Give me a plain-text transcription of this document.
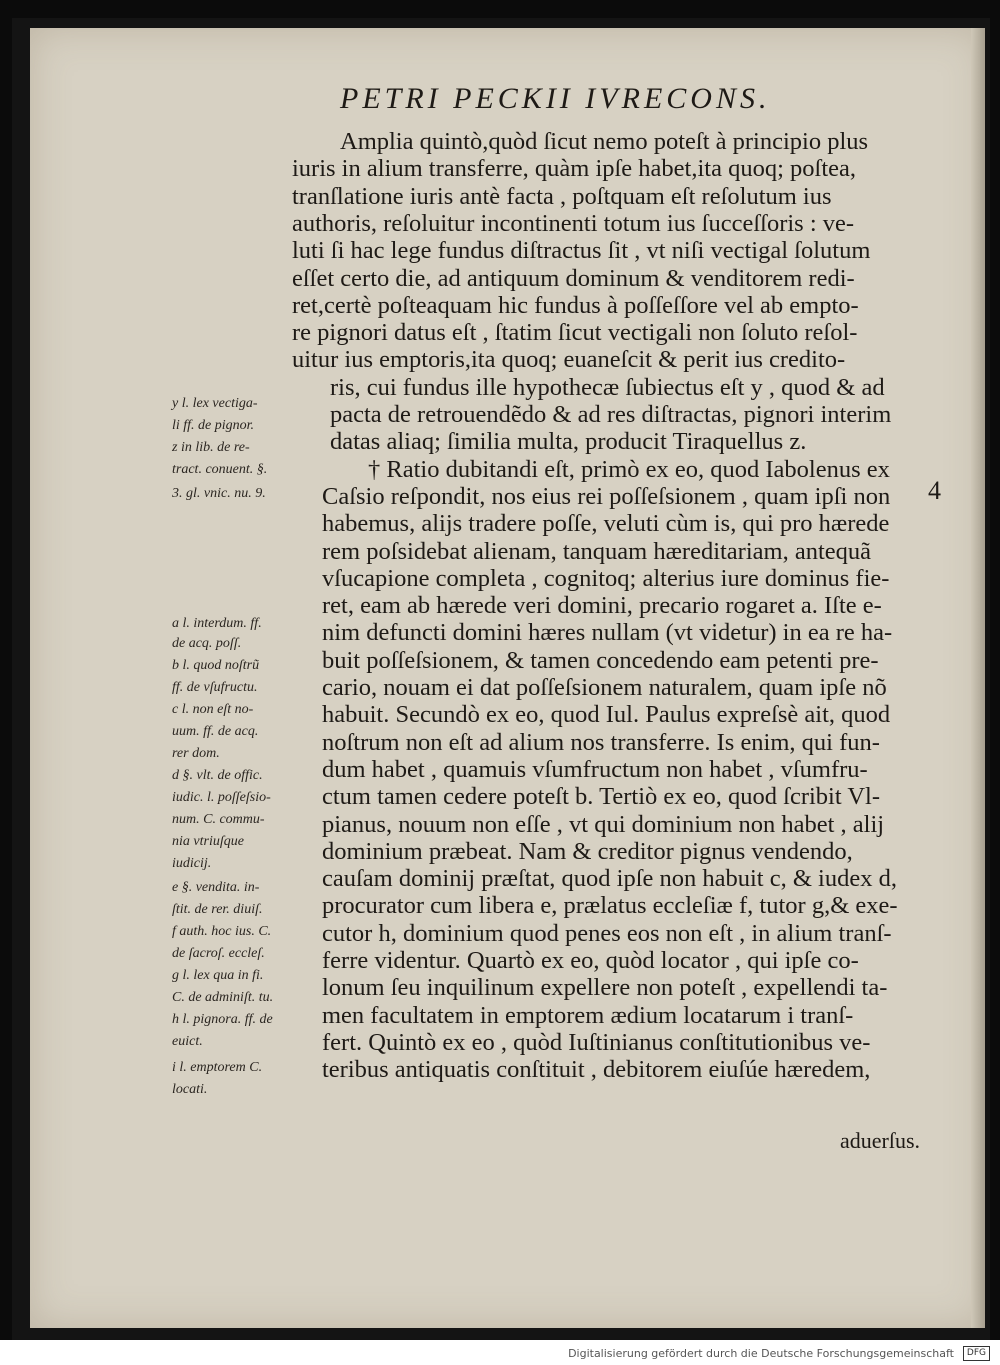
PETRI PECKII IVRECONS.
Amplia quintò,quòd ſicut nemo poteſt à principio plus
iuris in alium transferre, quàm ipſe habet,ita quoq; poſtea,
tranſlatione iuris antè facta , poſtquam eſt reſolutum ius
authoris, reſoluitur incontinenti totum ius ſucceſſoris : ve-
luti ſi hac lege fundus diſtractus ſit , vt niſi vectigal ſolutum
eſſet certo die, ad antiquum dominum & venditorem redi-
ret,certè poſteaquam hic fundus à poſſeſſore vel ab empto-
re pignori datus eſt , ſtatim ſicut vectigali non ſoluto reſol-
uitur ius emptoris,ita quoq; euaneſcit & perit ius credito-
ris, cui fundus ille hypothecæ ſubiectus eſt y , quod & ad
pacta de retrouendẽdo & ad res diſtractas, pignori interim
datas aliaq; ſimilia multa, producit Tiraquellus z.
† Ratio dubitandi eſt, primò ex eo, quod Iabolenus ex
Caſsio reſpondit, nos eius rei poſſeſsionem , quam ipſi non
habemus, alijs tradere poſſe, veluti cùm is, qui pro hærede
rem poſsidebat alienam, tanquam hæreditariam, antequã
vſucapione completa , cognitoq; alterius iure dominus fie-
ret, eam ab hærede veri domini, precario rogaret a. Iſte e-
nim defuncti domini hæres nullam (vt videtur) in ea re ha-
buit poſſeſsionem, & tamen concedendo eam petenti pre-
cario, nouam ei dat poſſeſsionem naturalem, quam ipſe nõ
habuit. Secundò ex eo, quod Iul. Paulus expreſsè ait, quod
noſtrum non eſt ad alium nos transferre. Is enim, qui fun-
dum habet , quamuis vſumfructum non habet , vſumfru-
ctum tamen cedere poteſt b. Tertiò ex eo, quod ſcribit Vl-
pianus, nouum non eſſe , vt qui dominium non habet , alij
dominium præbeat. Nam & creditor pignus vendendo,
cauſam dominij præſtat, quod ipſe non habuit c, & iudex d,
procurator cum libera e, prælatus eccleſiæ f, tutor g,& exe-
cutor h, dominium quod penes eos non eſt , in alium tranſ-
ferre videntur. Quartò ex eo, quòd locator , qui ipſe co-
lonum ſeu inquilinum expellere non poteſt , expellendi ta-
men facultatem in emptorem ædium locatarum i tranſ-
fert. Quintò ex eo , quòd Iuſtinianus conſtitutionibus ve-
teribus antiquatis conſtituit , debitorem eiuſúe hæredem,
y l. lex vectiga-
li ff. de pignor.
z in lib. de re-
tract. conuent. §.
3. gl. vnic. nu. 9.
a l. interdum. ff.
de acq. poſſ.
b l. quod noſtrũ
ff. de vſufructu.
c l. non eſt no-
uum. ff. de acq.
rer dom.
d §. vlt. de offic.
iudic. l. poſſeſsio-
num. C. commu-
nia vtriuſque
iudicij.
e §. vendita. in-
ſtit. de rer. diuiſ.
f auth. hoc ius. C.
de ſacroſ. eccleſ.
g l. lex qua in fi.
C. de adminiſt. tu.
h l. pignora. ff. de
euict.
i l. emptorem C.
locati.
4
aduerſus.
Digitalisierung gefördert durch die Deutsche Forschungsgemeinschaft	DFG
